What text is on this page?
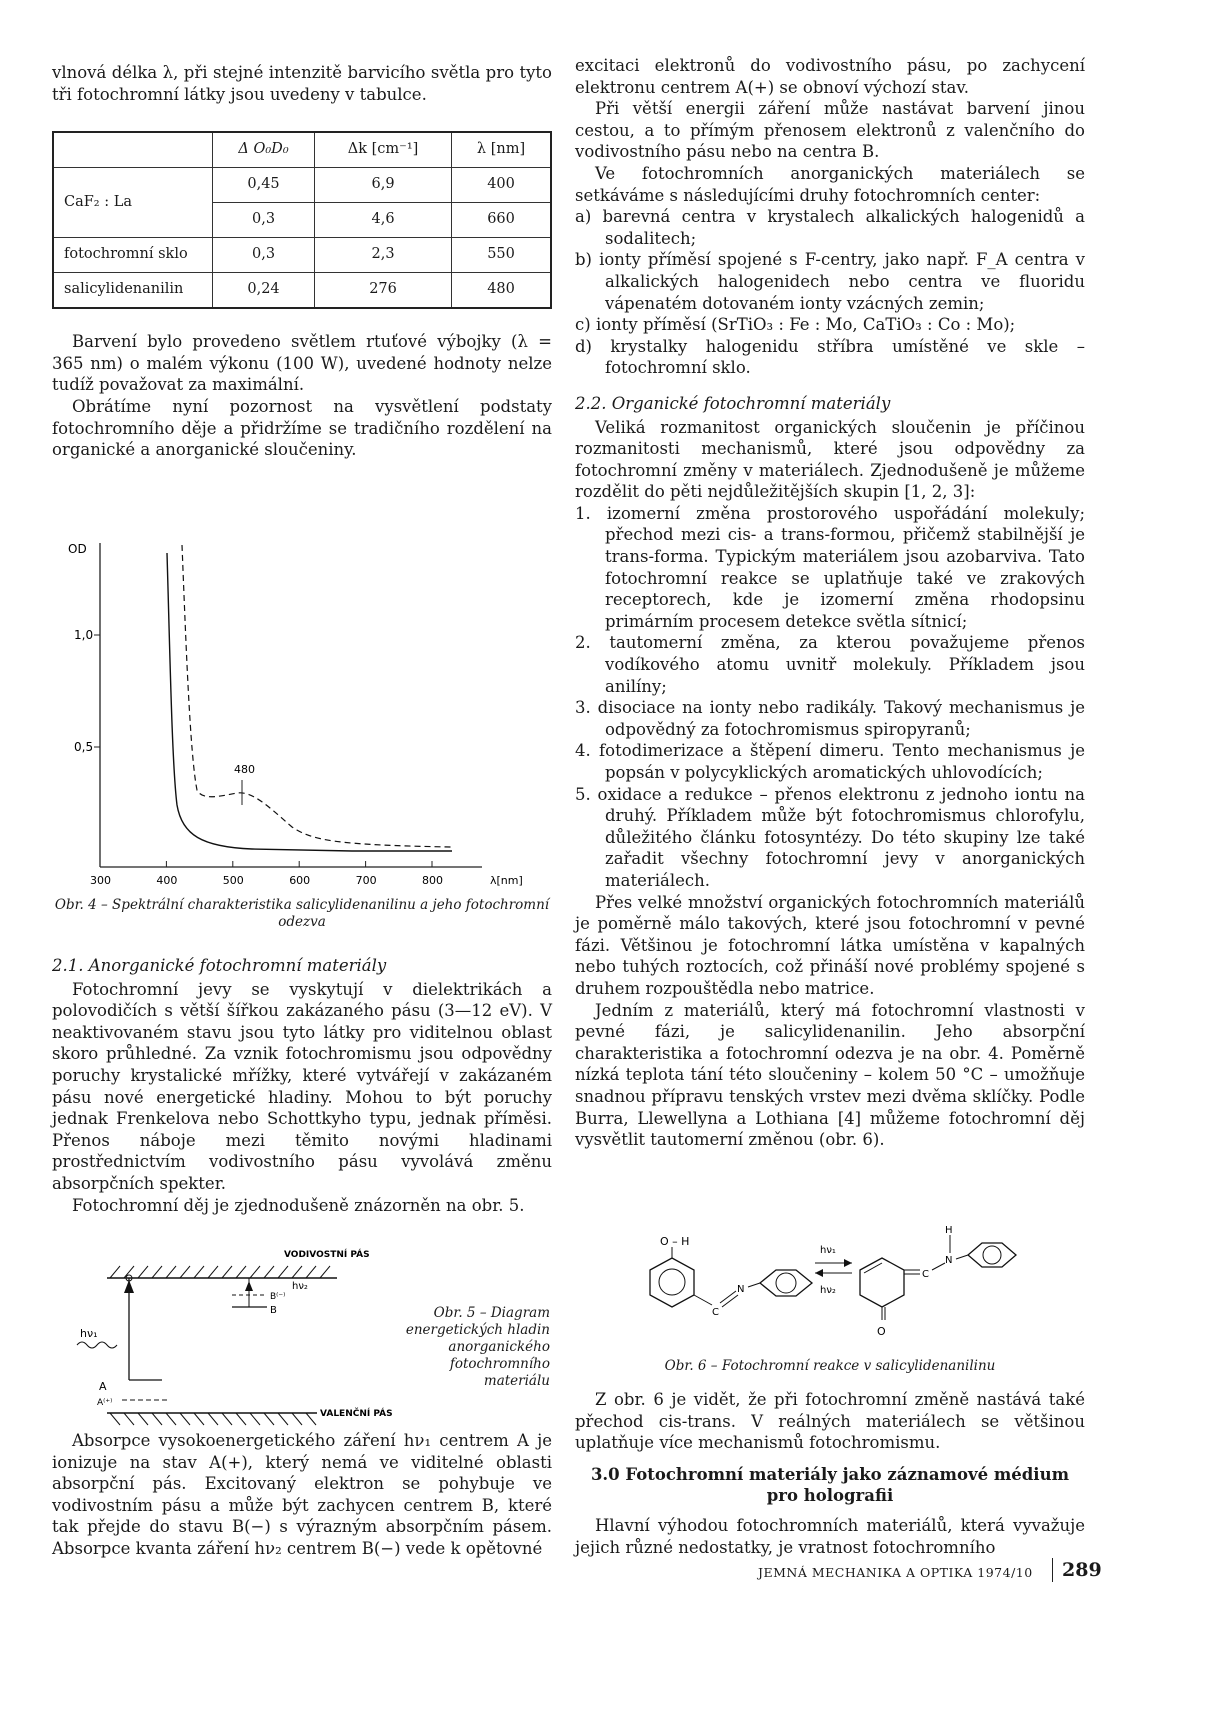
vlnová délka λ, při stejné intenzitě barvicího světla pro tyto tři fotochromní látky jsou uvedeny v tabulce.

	Δ O₀D₀	Δk [cm⁻¹]	λ [nm]
CaF₂ : La	0,45	6,9	400
	0,3	4,6	660
fotochromní sklo	0,3	2,3	550
salicylidenanilin	0,24	276	480

Barvení bylo provedeno světlem rtuťové výbojky (λ = 365 nm) o malém výkonu (100 W), uvedené hodnoty nelze tudíž považovat za maximální.

Obrátíme nyní pozornost na vysvětlení podstaty fotochromního děje a přidržíme se tradičního rozdělení na organické a anorganické sloučeniny.

OD
1,0
0,5
300	400	500	600	700	800	λ[nm]
480

Obr. 4 – Spektrální charakteristika salicylidenanilinu a jeho fotochromní odezva

2.1. Anorganické fotochromní materiály

Fotochromní jevy se vyskytují v dielektrikách a polovodičích s větší šířkou zakázaného pásu (3—12 eV). V neaktivovaném stavu jsou tyto látky pro viditelnou oblast skoro průhledné. Za vznik fotochromismu jsou odpovědny poruchy krystalické mřížky, které vytvářejí v zakázaném pásu nové energetické hladiny. Mohou to být poruchy jednak Frenkelova nebo Schottkyho typu, jednak příměsi. Přenos náboje mezi těmito novými hladinami prostřednictvím vodivostního pásu vyvolává změnu absorpčních spekter.

Fotochromní děj je zjednodušeně znázorněn na obr. 5.

VODIVOSTNÍ PÁS
A
A⁽⁺⁾
hν₁
B⁽⁻⁾
B
hν₂
VALENČNÍ PÁS

Obr. 5 – Diagram energetických hladin anorganického fotochromního materiálu

Absorpce vysokoenergetického záření hν₁ centrem A je ionizuje na stav A(+), který nemá ve viditelné oblasti absorpční pás. Excitovaný elektron se pohybuje ve vodivostním pásu a může být zachycen centrem B, které tak přejde do stavu B(−) s výrazným absorpčním pásem. Absorpce kvanta záření hν₂ centrem B(−) vede k opětovné

excitaci elektronů do vodivostního pásu, po zachycení elektronu centrem A(+) se obnoví výchozí stav.

Při větší energii záření může nastávat barvení jinou cestou, a to přímým přenosem elektronů z valenčního do vodivostního pásu nebo na centra B.

Ve fotochromních anorganických materiálech se setkáváme s následujícími druhy fotochromních center:

a) barevná centra v krystalech alkalických halogenidů a sodalitech;
b) ionty příměsí spojené s F-centry, jako např. F_A centra v alkalických halogenidech nebo centra ve fluoridu vápenatém dotovaném ionty vzácných zemin;
c) ionty příměsí (SrTiO₃ : Fe : Mo, CaTiO₃ : Co : Mo);
d) krystalky halogenidu stříbra umístěné ve skle – fotochromní sklo.

2.2. Organické fotochromní materiály

Veliká rozmanitost organických sloučenin je příčinou rozmanitosti mechanismů, které jsou odpovědny za fotochromní změny v materiálech. Zjednodušeně je můžeme rozdělit do pěti nejdůležitějších skupin [1, 2, 3]:

1. izomerní změna prostorového uspořádání molekuly; přechod mezi cis- a trans-formou, přičemž stabilnější je trans-forma. Typickým materiálem jsou azobarviva. Tato fotochromní reakce se uplatňuje také ve zrakových receptorech, kde je izomerní změna rhodopsinu primárním procesem detekce světla sítnicí;
2. tautomerní změna, za kterou považujeme přenos vodíkového atomu uvnitř molekuly. Příkladem jsou anilíny;
3. disociace na ionty nebo radikály. Takový mechanismus je odpovědný za fotochromismus spiropyranů;
4. fotodimerizace a štěpení dimeru. Tento mechanismus je popsán v polycyklických aromatických uhlovodících;
5. oxidace a redukce – přenos elektronu z jednoho iontu na druhý. Příkladem může být fotochromismus chlorofylu, důležitého článku fotosyntézy. Do této skupiny lze také zařadit všechny fotochromní jevy v anorganických materiálech.

Přes velké množství organických fotochromních materiálů je poměrně málo takových, které jsou fotochromní v pevné fázi. Většinou je fotochromní látka umístěna v kapalných nebo tuhých roztocích, což přináší nové problémy spojené s druhem rozpouštědla nebo matrice.

Jedním z materiálů, který má fotochromní vlastnosti v pevné fázi, je salicylidenanilin. Jeho absorpční charakteristika a fotochromní odezva je na obr. 4. Poměrně nízká teplota tání této sloučeniny – kolem 50 °C – umožňuje snadnou přípravu tenských vrstev mezi dvěma sklíčky. Podle Burra, Llewellyna a Lothiana [4] můžeme fotochromní děj vysvětlit tautomerní změnou (obr. 6).

O – H
C
N
hν₁
hν₂
O
C
N
H

Obr. 6 – Fotochromní reakce v salicylidenanilinu

Z obr. 6 je vidět, že při fotochromní změně nastává také přechod cis-trans. V reálných materiálech se většinou uplatňuje více mechanismů fotochromismu.

3.0 Fotochromní materiály jako záznamové médium pro holografii

Hlavní výhodou fotochromních materiálů, která vyvažuje jejich různé nedostatky, je vratnost fotochromního

JEMNÁ MECHANIKA A OPTIKA 1974/10 289
